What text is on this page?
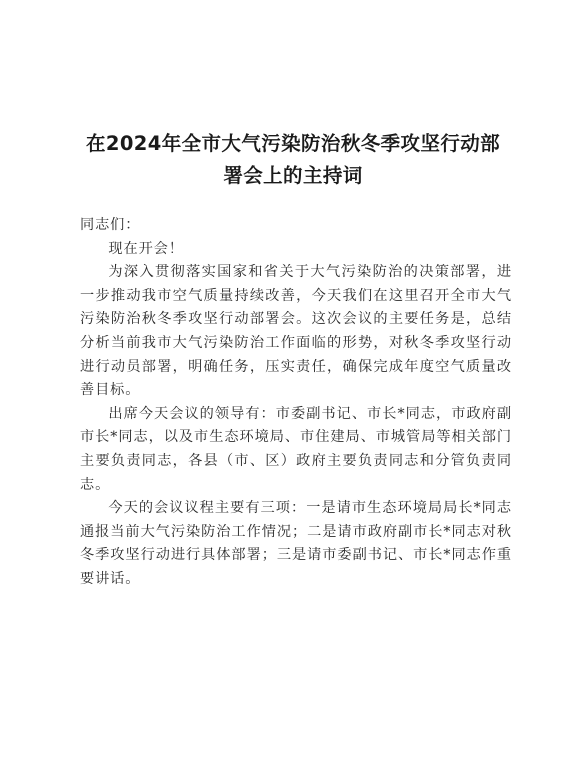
在2024年全市大气污染防治秋冬季攻坚行动部
署会上的主持词

同志们：

现在开会！

为深入贯彻落实国家和省关于大气污染防治的决策部署，进一步推动我市空气质量持续改善，今天我们在这里召开全市大气污染防治秋冬季攻坚行动部署会。这次会议的主要任务是，总结分析当前我市大气污染防治工作面临的形势，对秋冬季攻坚行动进行动员部署，明确任务，压实责任，确保完成年度空气质量改善目标。

出席今天会议的领导有：市委副书记、市长*同志，市政府副市长*同志，以及市生态环境局、市住建局、市城管局等相关部门主要负责同志，各县（市、区）政府主要负责同志和分管负责同志。

今天的会议议程主要有三项：一是请市生态环境局局长*同志通报当前大气污染防治工作情况；二是请市政府副市长*同志对秋冬季攻坚行动进行具体部署；三是请市委副书记、市长*同志作重要讲话。
